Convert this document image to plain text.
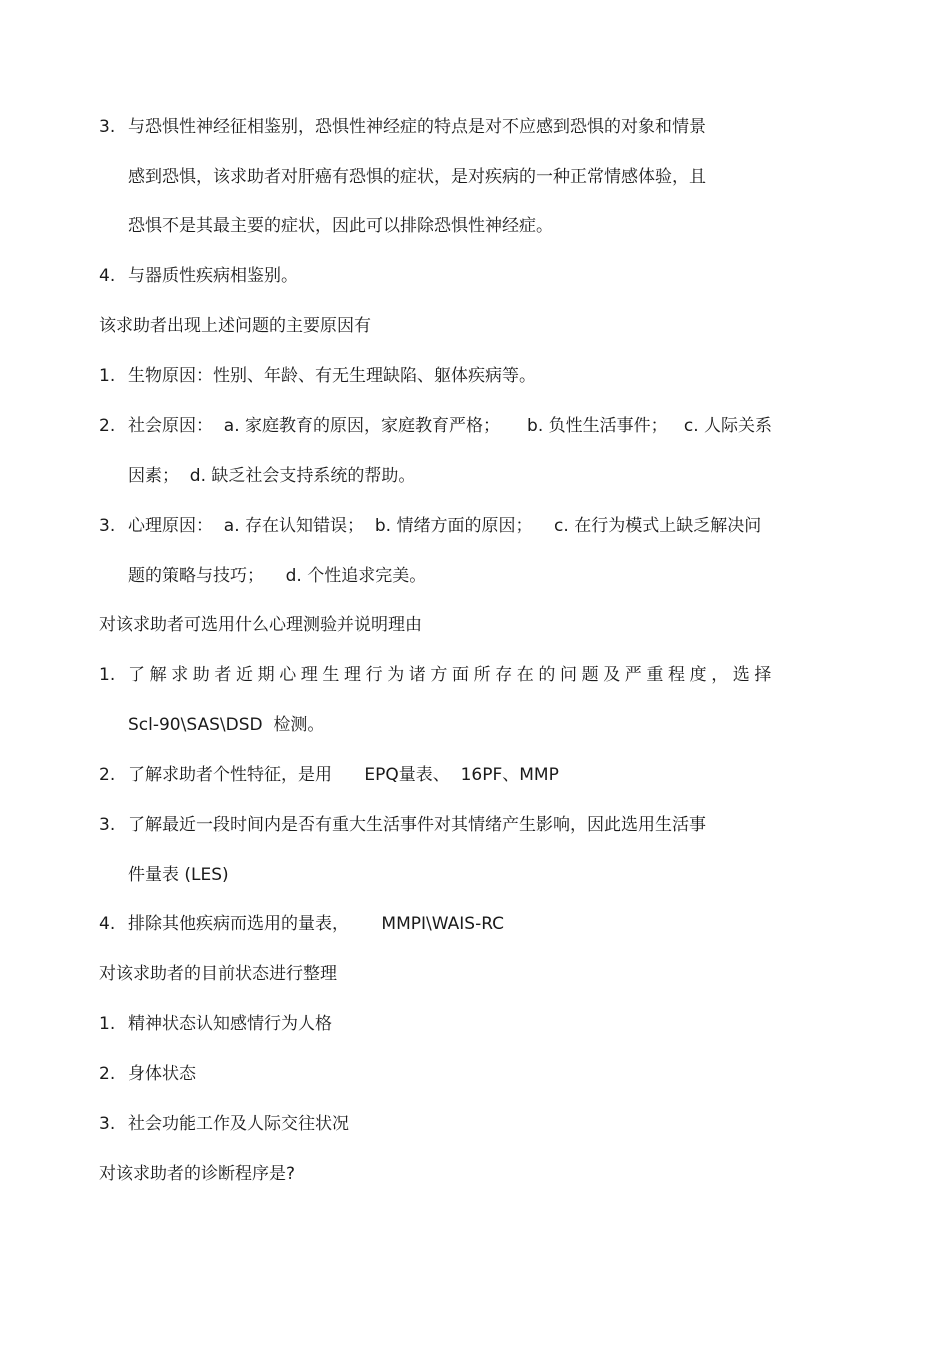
3. 与恐惧性神经征相鉴别，恐惧性神经症的特点是对不应感到恐惧的对象和情景
感到恐惧，该求助者对肝癌有恐惧的症状，是对疾病的一种正常情感体验，且
恐惧不是其最主要的症状，因此可以排除恐惧性神经症。
4. 与器质性疾病相鉴别。
该求助者出现上述问题的主要原因有
1. 生物原因：性别、年龄、有无生理缺陷、躯体疾病等。
2. 社会原因：  a. 家庭教育的原因，家庭教育严格；     b. 负性生活事件；   c. 人际关系
因素；  d. 缺乏社会支持系统的帮助。
3. 心理原因：  a. 存在认知错误；  b. 情绪方面的原因；    c. 在行为模式上缺乏解决问
题的策略与技巧；    d. 个性追求完美。
对该求助者可选用什么心理测验并说明理由
1. 了解求助者近期心理生理行为诸方面所存在的问题及严重程度，选择
Scl-90\SAS\DSD  检测。
2. 了解求助者个性特征，是用      EPQ量表、  16PF、MMP
3. 了解最近一段时间内是否有重大生活事件对其情绪产生影响，因此选用生活事
件量表 (LES)
4. 排除其他疾病而选用的量表，      MMPI\WAIS-RC
对该求助者的目前状态进行整理
1. 精神状态认知感情行为人格
2. 身体状态
3. 社会功能工作及人际交往状况
对该求助者的诊断程序是?
